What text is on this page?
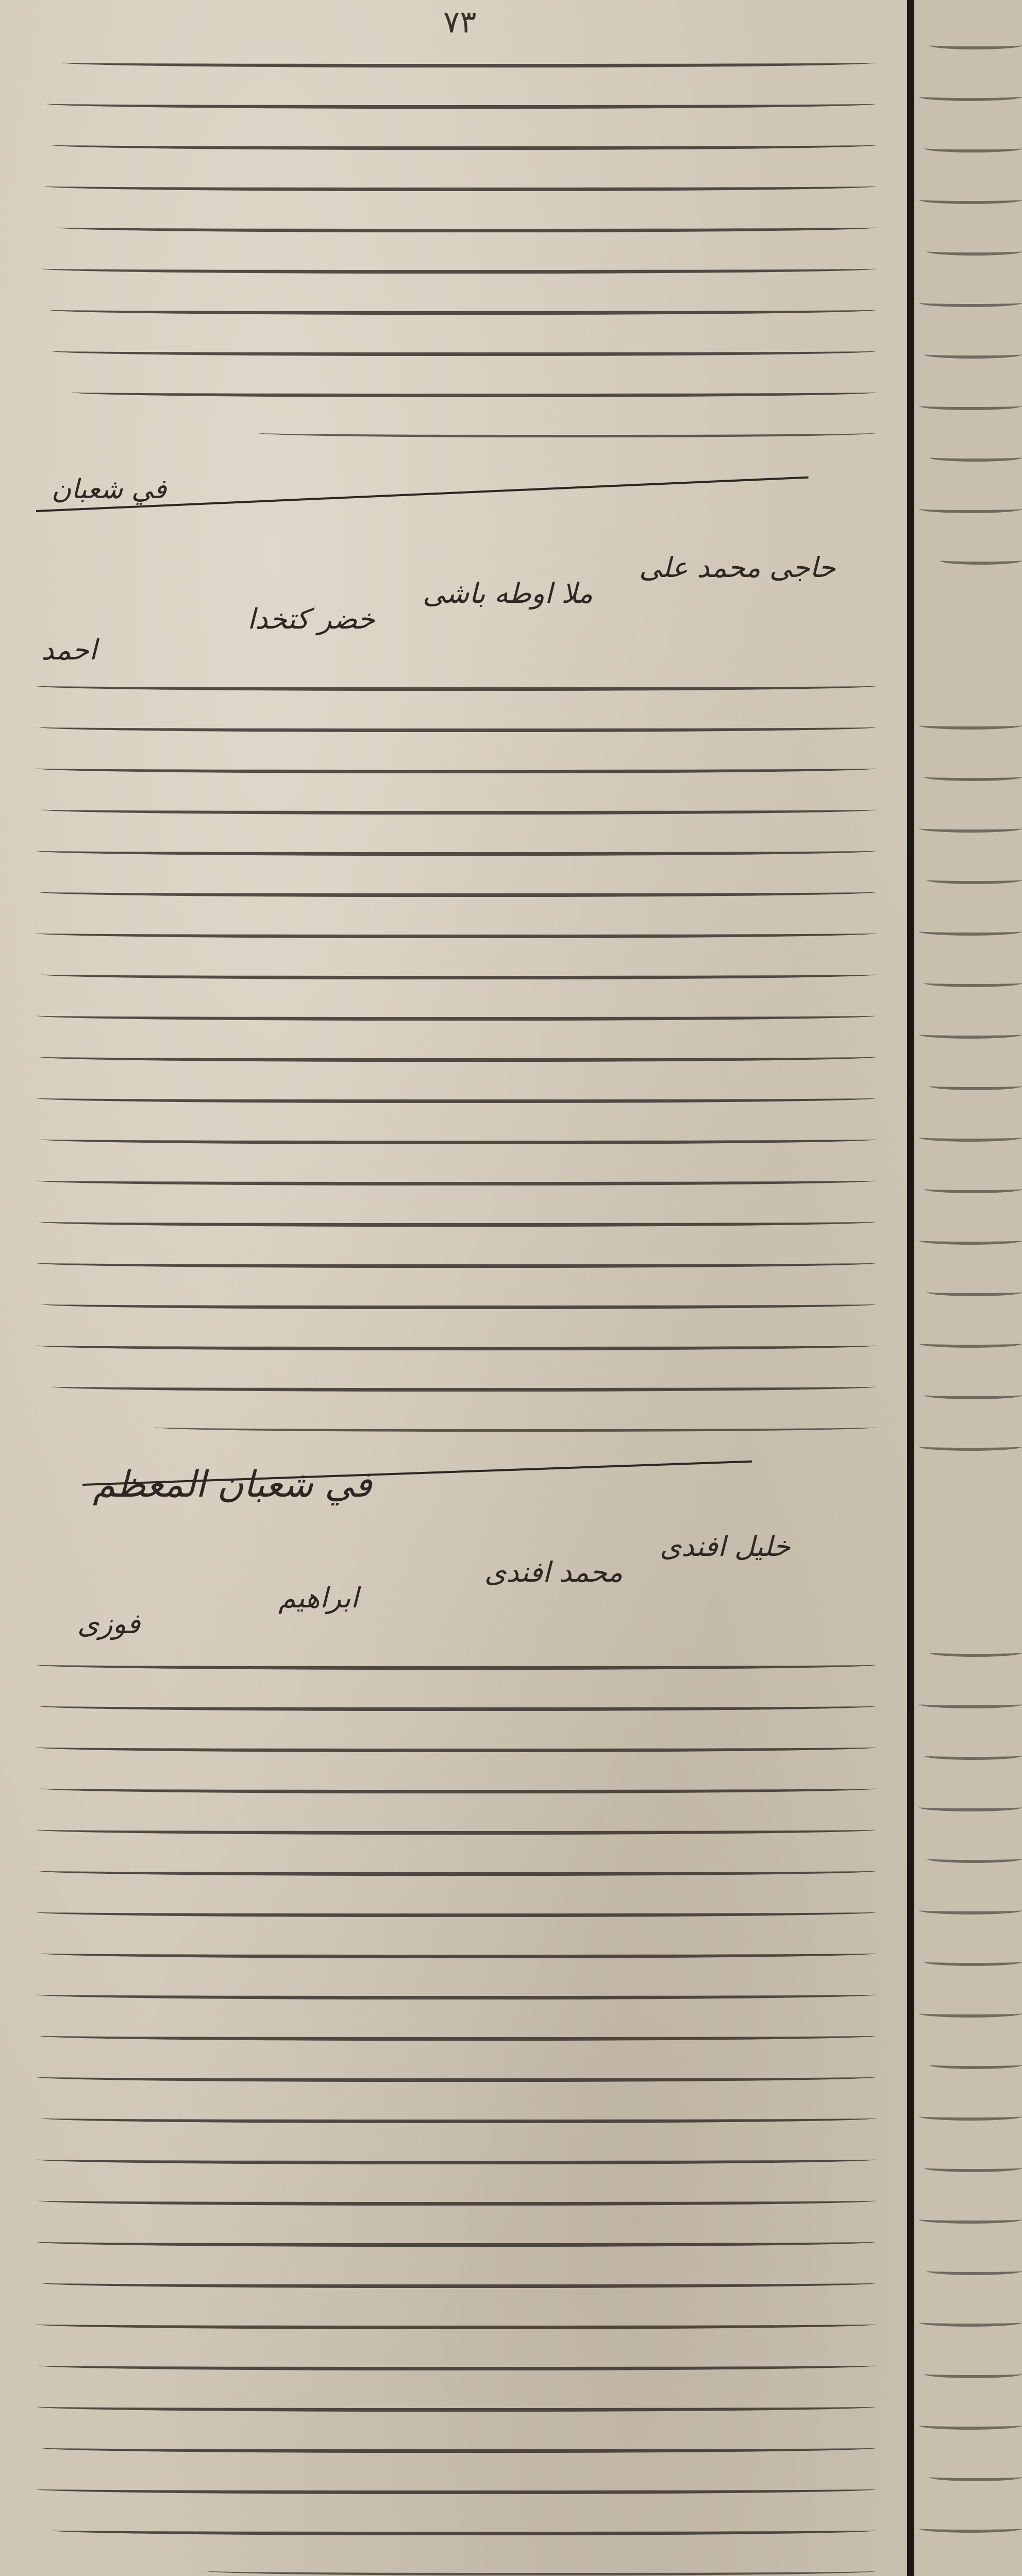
٧٣
في شعبان
حاجى محمد على
ملا اوطه باشى
خضر كتخدا
احمد
في شعبان المعظم
خليل افندى
محمد افندى
ابراهيم
فوزى
